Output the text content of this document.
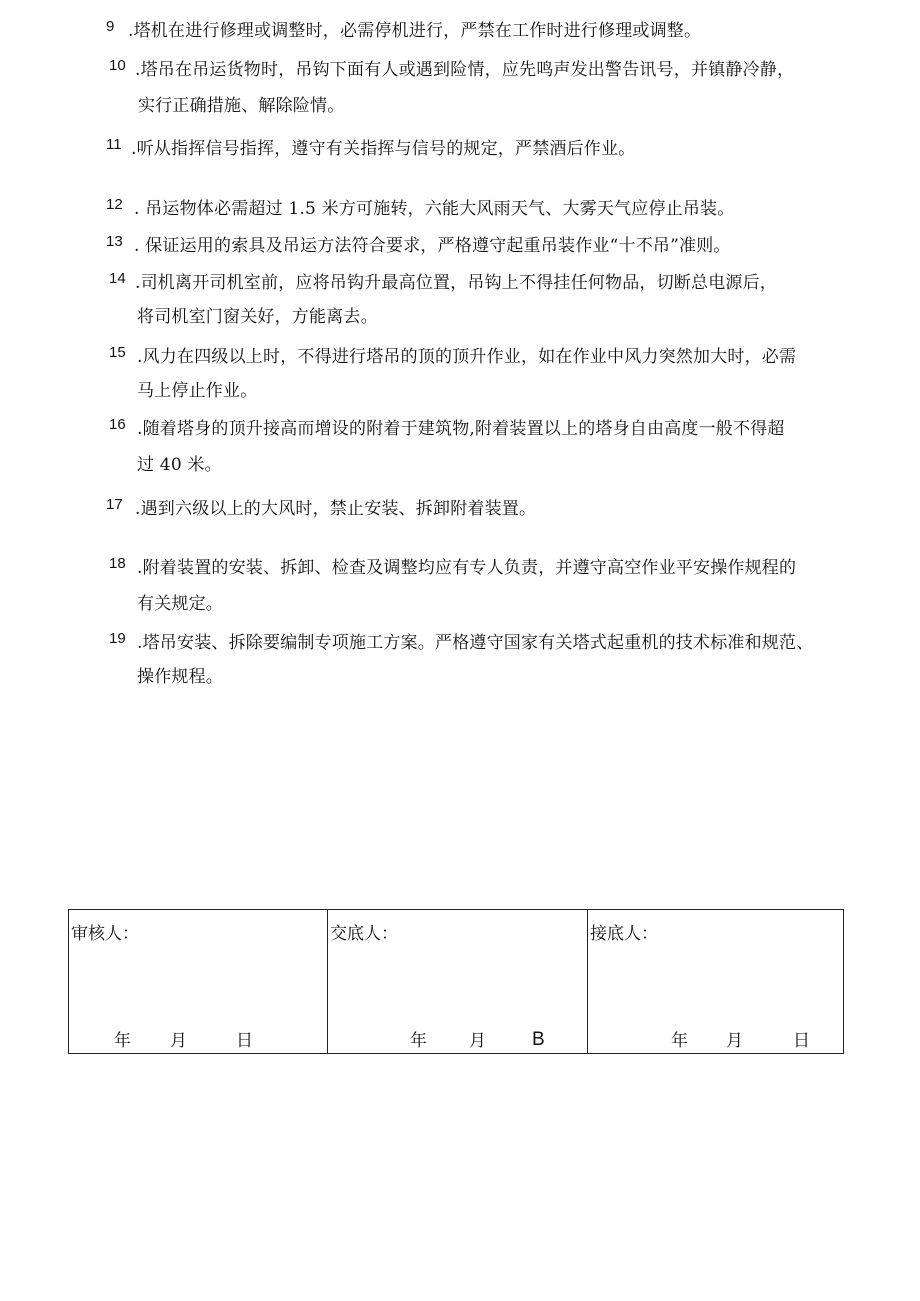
9 .塔机在进行修理或调整时，必需停机进行，严禁在工作时进行修理或调整。
10 .塔吊在吊运货物时，吊钩下面有人或遇到险情，应先鸣声发出警告讯号，并镇静冷静，
实行正确措施、解除险情。
11 .听从指挥信号指挥，遵守有关指挥与信号的规定，严禁酒后作业。
12 . 吊运物体必需超过 1.5 米方可施转，六能大风雨天气、大雾天气应停止吊装。
13 . 保证运用的索具及吊运方法符合要求，严格遵守起重吊装作业“十不吊”准则。
14 .司机离开司机室前，应将吊钩升最高位置，吊钩上不得挂任何物品，切断总电源后，
将司机室门窗关好，方能离去。
15 .风力在四级以上时，不得进行塔吊的顶的顶升作业，如在作业中风力突然加大时，必需
马上停止作业。
16 .随着塔身的顶升接高而增设的附着于建筑物,附着装置以上的塔身自由高度一般不得超
过 40 米。
17 .遇到六级以上的大风时，禁止安装、拆卸附着装置。
18 .附着装置的安装、拆卸、检查及调整均应有专人负责，并遵守高空作业平安操作规程的
有关规定。
19 .塔吊安装、拆除要编制专项施工方案。严格遵守国家有关塔式起重机的技术标准和规范、
操作规程。
审核人：
年 月	日

交底人：
年 月 B

接底人：
年 月	日
